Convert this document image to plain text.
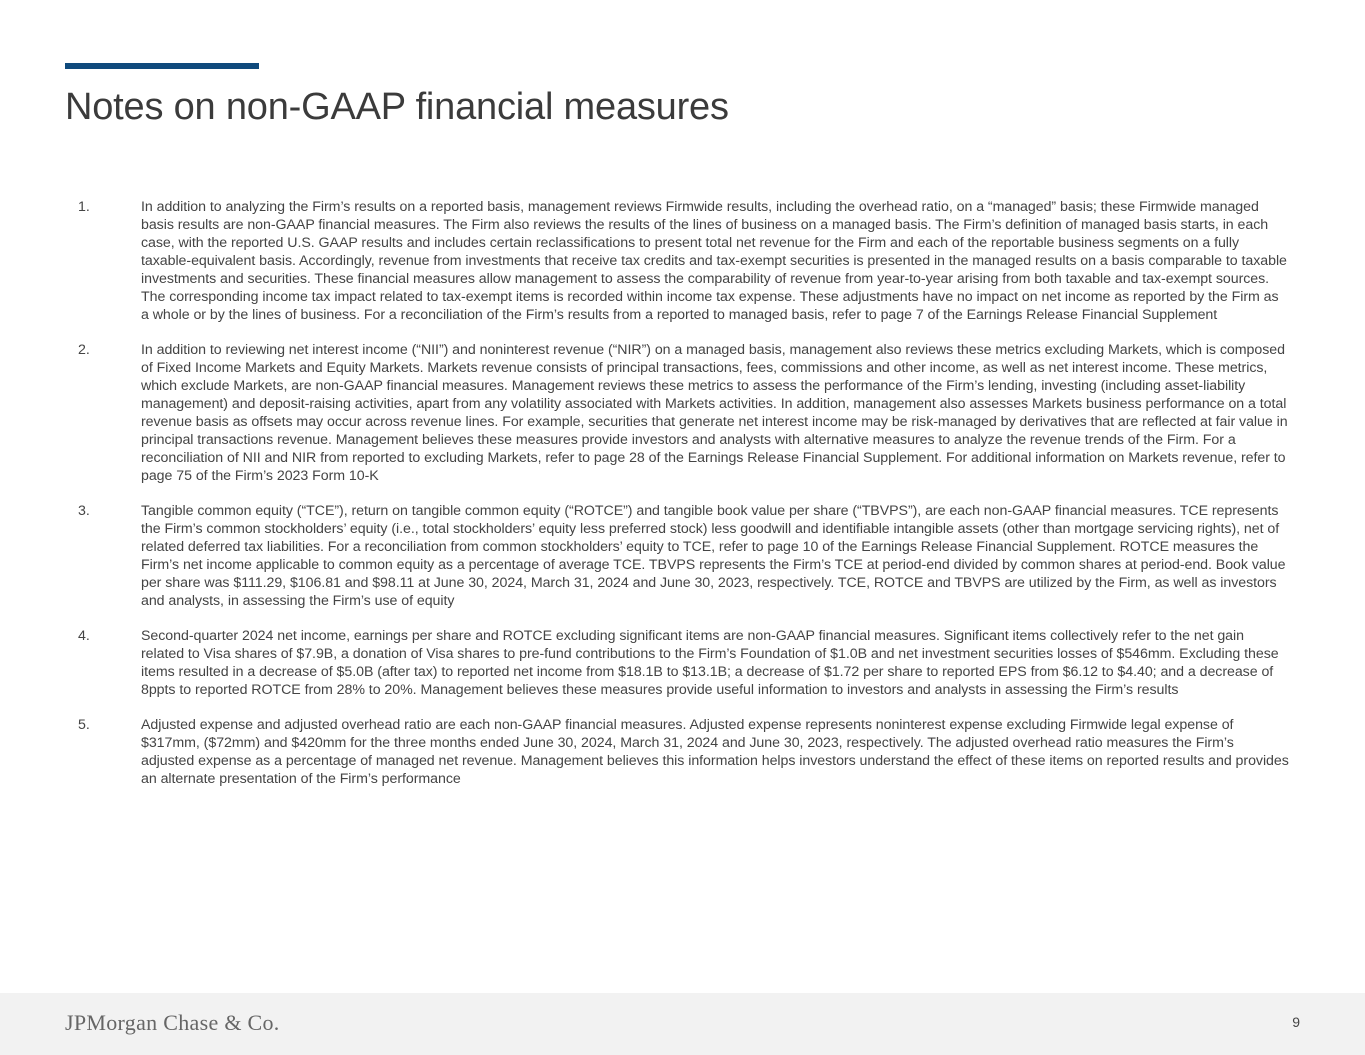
Notes on non-GAAP financial measures
1.	In addition to analyzing the Firm’s results on a reported basis, management reviews Firmwide results, including the overhead ratio, on a “managed” basis; these Firmwide managed basis results are non-GAAP financial measures. The Firm also reviews the results of the lines of business on a managed basis. The Firm’s definition of managed basis starts, in each case, with the reported U.S. GAAP results and includes certain reclassifications to present total net revenue for the Firm and each of the reportable business segments on a fully taxable-equivalent basis. Accordingly, revenue from investments that receive tax credits and tax-exempt securities is presented in the managed results on a basis comparable to taxable investments and securities. These financial measures allow management to assess the comparability of revenue from year-to-year arising from both taxable and tax-exempt sources. The corresponding income tax impact related to tax-exempt items is recorded within income tax expense. These adjustments have no impact on net income as reported by the Firm as a whole or by the lines of business. For a reconciliation of the Firm’s results from a reported to managed basis, refer to page 7 of the Earnings Release Financial Supplement
2.	In addition to reviewing net interest income (“NII”) and noninterest revenue (“NIR”) on a managed basis, management also reviews these metrics excluding Markets, which is composed of Fixed Income Markets and Equity Markets. Markets revenue consists of principal transactions, fees, commissions and other income, as well as net interest income. These metrics, which exclude Markets, are non-GAAP financial measures. Management reviews these metrics to assess the performance of the Firm’s lending, investing (including asset-liability management) and deposit-raising activities, apart from any volatility associated with Markets activities. In addition, management also assesses Markets business performance on a total revenue basis as offsets may occur across revenue lines. For example, securities that generate net interest income may be risk-managed by derivatives that are reflected at fair value in principal transactions revenue. Management believes these measures provide investors and analysts with alternative measures to analyze the revenue trends of the Firm. For a reconciliation of NII and NIR from reported to excluding Markets, refer to page 28 of the Earnings Release Financial Supplement. For additional information on Markets revenue, refer to page 75 of the Firm’s 2023 Form 10-K
3.	Tangible common equity (“TCE”), return on tangible common equity (“ROTCE”) and tangible book value per share (“TBVPS”), are each non-GAAP financial measures. TCE represents the Firm’s common stockholders’ equity (i.e., total stockholders’ equity less preferred stock) less goodwill and identifiable intangible assets (other than mortgage servicing rights), net of related deferred tax liabilities. For a reconciliation from common stockholders’ equity to TCE, refer to page 10 of the Earnings Release Financial Supplement. ROTCE measures the Firm’s net income applicable to common equity as a percentage of average TCE. TBVPS represents the Firm’s TCE at period-end divided by common shares at period-end. Book value per share was $111.29, $106.81 and $98.11 at June 30, 2024, March 31, 2024 and June 30, 2023, respectively. TCE, ROTCE and TBVPS are utilized by the Firm, as well as investors and analysts, in assessing the Firm’s use of equity
4.	Second-quarter 2024 net income, earnings per share and ROTCE excluding significant items are non-GAAP financial measures. Significant items collectively refer to the net gain related to Visa shares of $7.9B, a donation of Visa shares to pre-fund contributions to the Firm’s Foundation of $1.0B and net investment securities losses of $546mm. Excluding these items resulted in a decrease of $5.0B (after tax) to reported net income from $18.1B to $13.1B; a decrease of $1.72 per share to reported EPS from $6.12 to $4.40; and a decrease of 8ppts to reported ROTCE from 28% to 20%. Management believes these measures provide useful information to investors and analysts in assessing the Firm’s results
5.	Adjusted expense and adjusted overhead ratio are each non-GAAP financial measures. Adjusted expense represents noninterest expense excluding Firmwide legal expense of $317mm, ($72mm) and $420mm for the three months ended June 30, 2024, March 31, 2024 and June 30, 2023, respectively. The adjusted overhead ratio measures the Firm’s adjusted expense as a percentage of managed net revenue. Management believes this information helps investors understand the effect of these items on reported results and provides an alternate presentation of the Firm’s performance
JPMorgan Chase & Co.	9
